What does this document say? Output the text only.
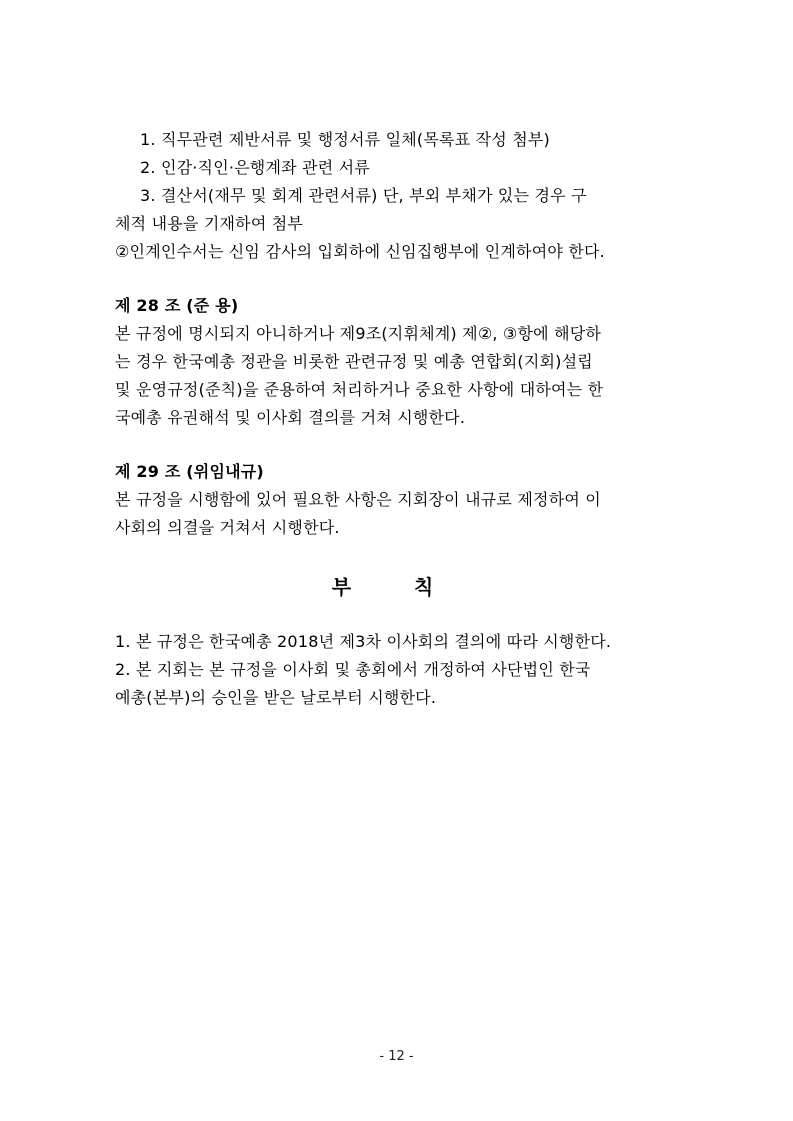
1. 직무관련 제반서류 및 행정서류 일체(목록표 작성 첨부)
2. 인감·직인·은행계좌 관련 서류
3. 결산서(재무 및 회계 관련서류) 단, 부외 부채가 있는 경우 구
체적 내용을 기재하여 첨부
②인계인수서는 신임 감사의 입회하에 신임집행부에 인계하여야 한다.
제 28 조 (준 용)
본 규정에 명시되지 아니하거나 제9조(지휘체계) 제②, ③항에 해당하
는 경우 한국예총 정관을 비롯한 관련규정 및 예총 연합회(지회)설립
및 운영규정(준칙)을 준용하여 처리하거나 중요한 사항에 대하여는 한
국예총 유권해석 및 이사회 결의를 거쳐 시행한다.
제 29 조 (위임내규)
본 규정을 시행함에 있어 필요한 사항은 지회장이 내규로 제정하여 이
사회의 의결을 거쳐서 시행한다.
부 칙
1. 본 규정은 한국예총 2018년 제3차 이사회의 결의에 따라 시행한다.
2. 본 지회는 본 규정을 이사회 및 총회에서 개정하여 사단법인 한국
예총(본부)의 승인을 받은 날로부터 시행한다.
- 12 -
